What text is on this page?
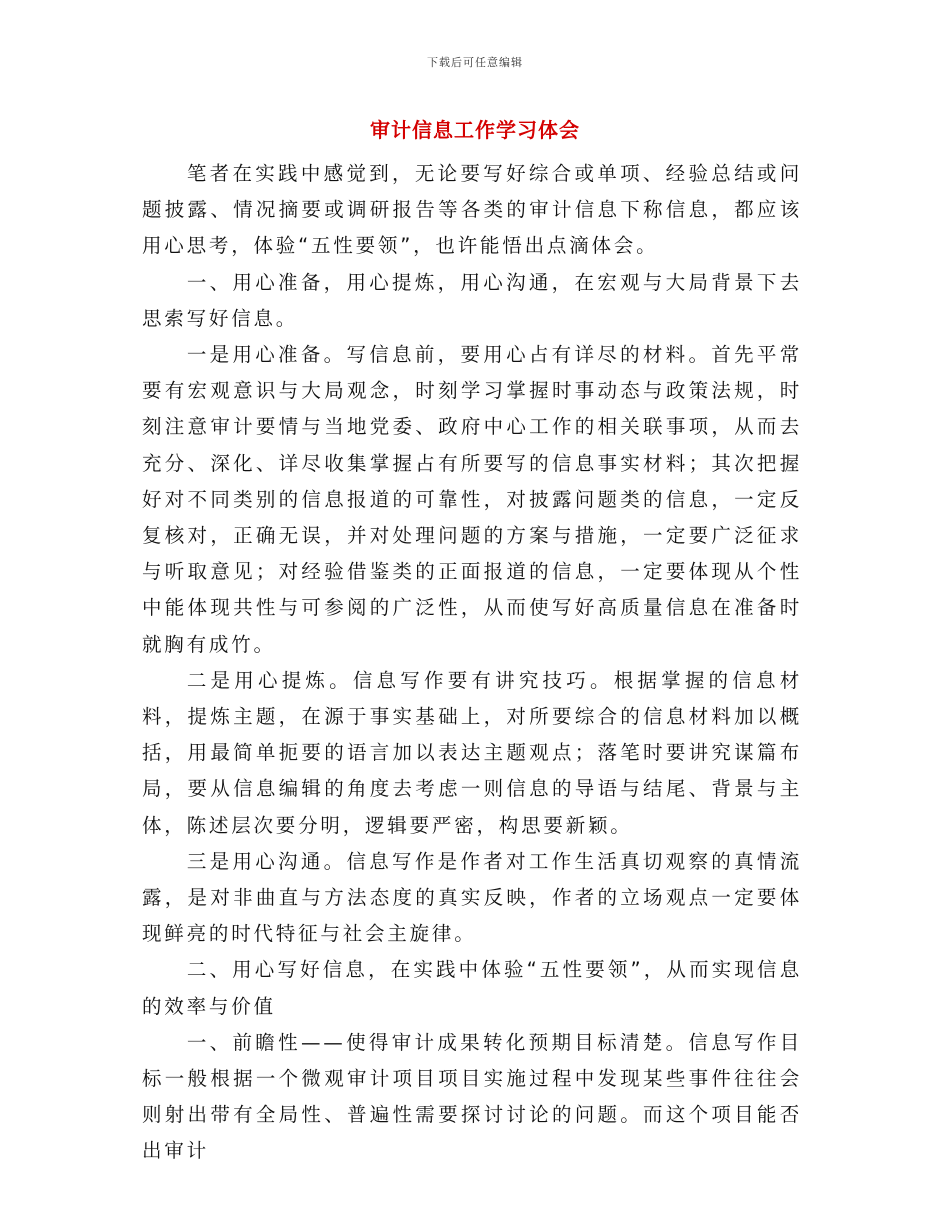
下载后可任意编辑
审计信息工作学习体会

笔者在实践中感觉到，无论要写好综合或单项、经验总结或问题披露、情况摘要或调研报告等各类的审计信息下称信息，都应该用心思考，体验“五性要领”，也许能悟出点滴体会。

一、用心准备，用心提炼，用心沟通，在宏观与大局背景下去思索写好信息。

一是用心准备。写信息前，要用心占有详尽的材料。首先平常要有宏观意识与大局观念，时刻学习掌握时事动态与政策法规，时刻注意审计要情与当地党委、政府中心工作的相关联事项，从而去充分、深化、详尽收集掌握占有所要写的信息事实材料；其次把握好对不同类别的信息报道的可靠性，对披露问题类的信息，一定反复核对，正确无误，并对处理问题的方案与措施，一定要广泛征求与听取意见；对经验借鉴类的正面报道的信息，一定要体现从个性中能体现共性与可参阅的广泛性，从而使写好高质量信息在准备时就胸有成竹。

二是用心提炼。信息写作要有讲究技巧。根据掌握的信息材料，提炼主题，在源于事实基础上，对所要综合的信息材料加以概括，用最简单扼要的语言加以表达主题观点；落笔时要讲究谋篇布局，要从信息编辑的角度去考虑一则信息的导语与结尾、背景与主体，陈述层次要分明，逻辑要严密，构思要新颖。

三是用心沟通。信息写作是作者对工作生活真切观察的真情流露，是对非曲直与方法态度的真实反映，作者的立场观点一定要体现鲜亮的时代特征与社会主旋律。

二、用心写好信息，在实践中体验“五性要领”，从而实现信息的效率与价值

一、前瞻性——使得审计成果转化预期目标清楚。信息写作目标一般根据一个微观审计项目项目实施过程中发现某些事件往往会则射出带有全局性、普遍性需要探讨讨论的问题。而这个项目能否出审计
